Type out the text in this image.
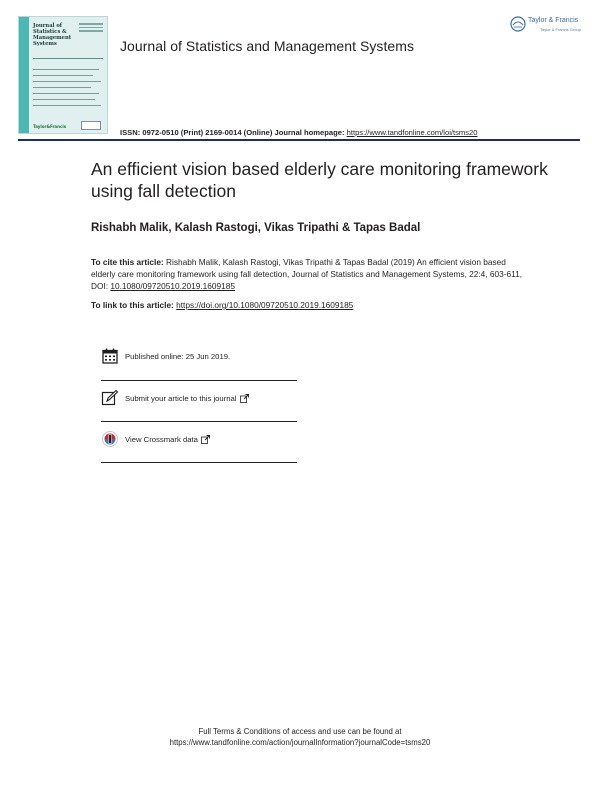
Journal of Statistics & Management Systems
Taylor&Francis
Journal of Statistics and Management Systems
Taylor & Francis
Taylor & Francis Group
ISSN: 0972-0510 (Print) 2169-0014 (Online) Journal homepage: https://www.tandfonline.com/loi/tsms20
An efficient vision based elderly care monitoring framework using fall detection
Rishabh Malik, Kalash Rastogi, Vikas Tripathi & Tapas Badal
To cite this article: Rishabh Malik, Kalash Rastogi, Vikas Tripathi & Tapas Badal (2019) An efficient vision based elderly care monitoring framework using fall detection, Journal of Statistics and Management Systems, 22:4, 603-611, DOI: 10.1080/09720510.2019.1609185
To link to this article: https://doi.org/10.1080/09720510.2019.1609185
Published online: 25 Jun 2019.
Submit your article to this journal
View Crossmark data
Full Terms & Conditions of access and use can be found at
https://www.tandfonline.com/action/journalInformation?journalCode=tsms20
